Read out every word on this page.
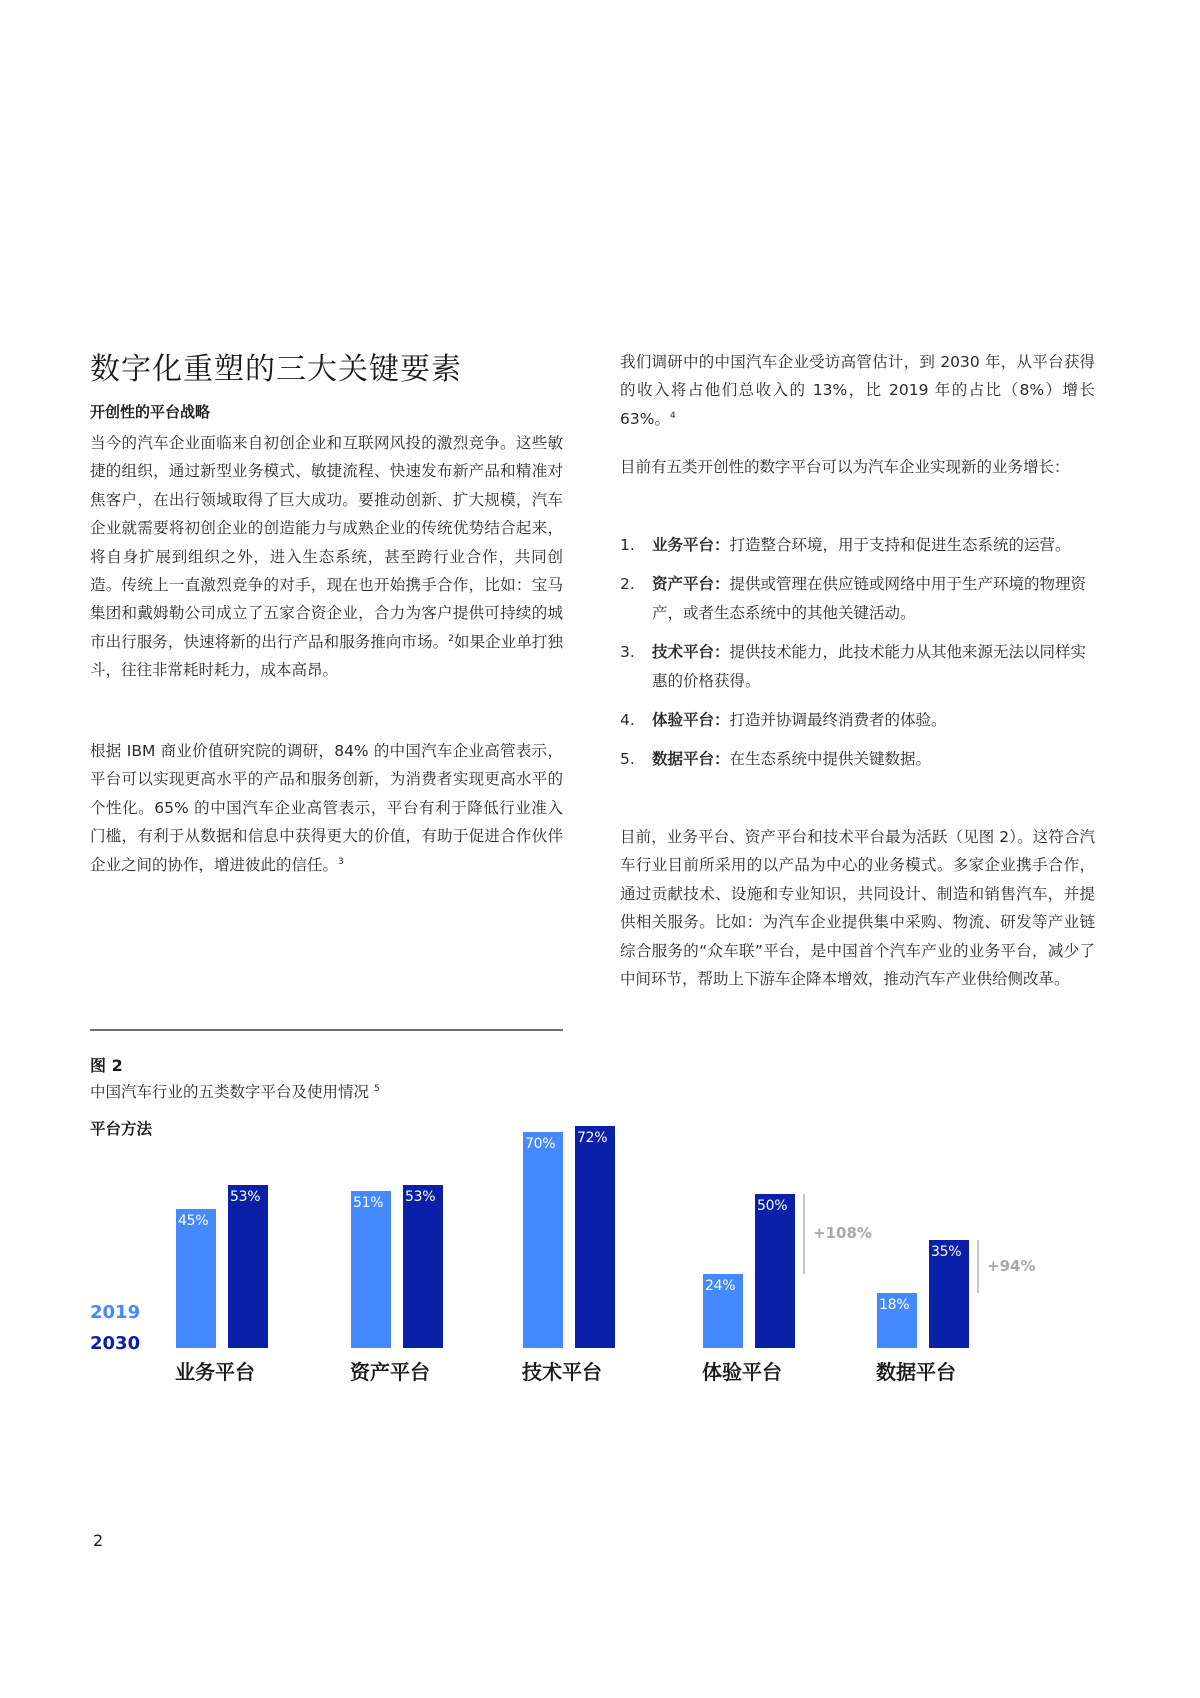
数字化重塑的三大关键要素
开创性的平台战略

当今的汽车企业面临来自初创企业和互联网风投的激烈竞争。这些敏捷的组织，通过新型业务模式、敏捷流程、快速发布新产品和精准对焦客户，在出行领域取得了巨大成功。要推动创新、扩大规模，汽车企业就需要将初创企业的创造能力与成熟企业的传统优势结合起来，将自身扩展到组织之外，进入生态系统，甚至跨行业合作，共同创造。传统上一直激烈竞争的对手，现在也开始携手合作，比如：宝马集团和戴姆勒公司成立了五家合资企业，合力为客户提供可持续的城市出行服务，快速将新的出行产品和服务推向市场。$^2$如果企业单打独斗，往往非常耗时耗力，成本高昂。

根据 IBM 商业价值研究院的调研，84% 的中国汽车企业高管表示，平台可以实现更高水平的产品和服务创新，为消费者实现更高水平的个性化。65% 的中国汽车企业高管表示，平台有利于降低行业准入门槛，有利于从数据和信息中获得更大的价值，有助于促进合作伙伴企业之间的协作，增进彼此的信任。$^3$

我们调研中的中国汽车企业受访高管估计，到 2030 年，从平台获得的收入将占他们总收入的 13%，比 2019 年的占比（8%）增长 63%。$^4$

目前有五类开创性的数字平台可以为汽车企业实现新的业务增长：

1. 业务平台：打造整合环境，用于支持和促进生态系统的运营。
2. 资产平台：提供或管理在供应链或网络中用于生产环境的物理资产，或者生态系统中的其他关键活动。
3. 技术平台：提供技术能力，此技术能力从其他来源无法以同样实惠的价格获得。
4. 体验平台：打造并协调最终消费者的体验。
5. 数据平台：在生态系统中提供关键数据。

目前，业务平台、资产平台和技术平台最为活跃（见图 2）。这符合汽车行业目前所采用的以产品为中心的业务模式。多家企业携手合作，通过贡献技术、设施和专业知识，共同设计、制造和销售汽车，并提供相关服务。比如：为汽车企业提供集中采购、物流、研发等产业链综合服务的“众车联”平台，是中国首个汽车产业的业务平台，减少了中间环节，帮助上下游车企降本增效，推动汽车产业供给侧改革。

图 2
中国汽车行业的五类数字平台及使用情况 $^5$
平台方法
2019
2030
45%
53%
业务平台
51% 53%
资产平台
70% 72%
技术平台
24%
50%
体验平台
18%
35%
数据平台
+108%
+94%
2
